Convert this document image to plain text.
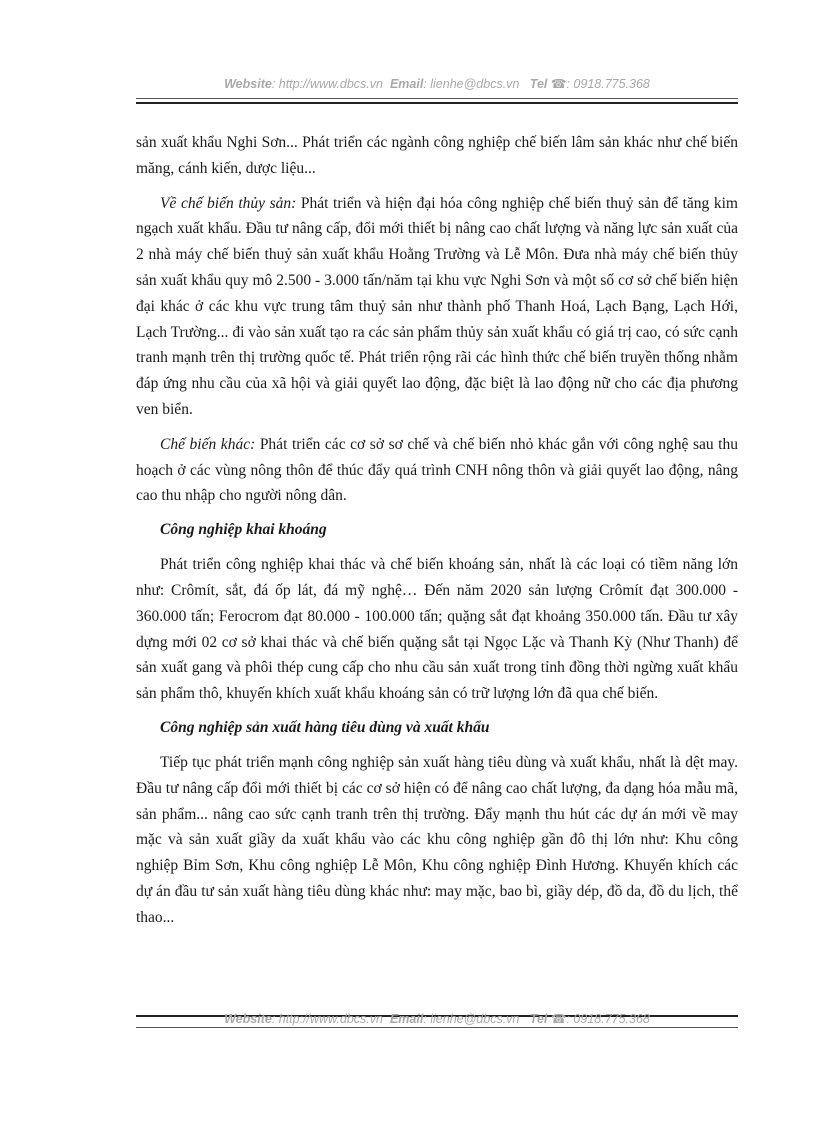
Website: http://www.dbcs.vn Email: lienhe@dbcs.vn Tel ☎: 0918.775.368

sản xuất khẩu Nghi Sơn... Phát triển các ngành công nghiệp chế biến lâm sản khác như chế biến măng, cánh kiến, dược liệu...

Về chế biến thủy sản: Phát triển và hiện đại hóa công nghiệp chế biến thuỷ sản để tăng kim ngạch xuất khẩu. Đầu tư nâng cấp, đổi mới thiết bị nâng cao chất lượng và năng lực sản xuất của 2 nhà máy chế biến thuỷ sản xuất khẩu Hoằng Trường và Lễ Môn. Đưa nhà máy chế biến thủy sản xuất khẩu quy mô 2.500 - 3.000 tấn/năm tại khu vực Nghi Sơn và một số cơ sở chế biến hiện đại khác ở các khu vực trung tâm thuỷ sản như thành phố Thanh Hoá, Lạch Bạng, Lạch Hới, Lạch Trường... đi vào sản xuất tạo ra các sản phẩm thủy sản xuất khẩu có giá trị cao, có sức cạnh tranh mạnh trên thị trường quốc tế. Phát triển rộng rãi các hình thức chế biến truyền thống nhằm đáp ứng nhu cầu của xã hội và giải quyết lao động, đặc biệt là lao động nữ cho các địa phương ven biển.

Chế biến khác: Phát triển các cơ sở sơ chế và chế biến nhỏ khác gắn với công nghệ sau thu hoạch ở các vùng nông thôn để thúc đẩy quá trình CNH nông thôn và giải quyết lao động, nâng cao thu nhập cho người nông dân.

Công nghiệp khai khoáng

Phát triển công nghiệp khai thác và chế biến khoáng sản, nhất là các loại có tiềm năng lớn như: Crômít, sắt, đá ốp lát, đá mỹ nghệ… Đến năm 2020 sản lượng Crômít đạt 300.000 - 360.000 tấn; Ferocrom đạt 80.000 - 100.000 tấn; quặng sắt đạt khoảng 350.000 tấn. Đầu tư xây dựng mới 02 cơ sở khai thác và chế biến quặng sắt tại Ngọc Lặc và Thanh Kỳ (Như Thanh) để sản xuất gang và phôi thép cung cấp cho nhu cầu sản xuất trong tỉnh đồng thời ngừng xuất khẩu sản phẩm thô, khuyến khích xuất khẩu khoáng sản có trữ lượng lớn đã qua chế biến.

Công nghiệp sản xuất hàng tiêu dùng và xuất khẩu

Tiếp tục phát triển mạnh công nghiệp sản xuất hàng tiêu dùng và xuất khẩu, nhất là dệt may. Đầu tư nâng cấp đổi mới thiết bị các cơ sở hiện có để nâng cao chất lượng, đa dạng hóa mẫu mã, sản phẩm... nâng cao sức cạnh tranh trên thị trường. Đẩy mạnh thu hút các dự án mới về may mặc và sản xuất giầy da xuất khẩu vào các khu công nghiệp gần đô thị lớn như: Khu công nghiệp Bỉm Sơn, Khu công nghiệp Lễ Môn, Khu công nghiệp Đình Hương. Khuyến khích các dự án đầu tư sản xuất hàng tiêu dùng khác như: may mặc, bao bì, giầy dép, đồ da, đồ du lịch, thể thao...

Website: http://www.dbcs.vn Email: lienhe@dbcs.vn Tel ☎: 0918.775.368
